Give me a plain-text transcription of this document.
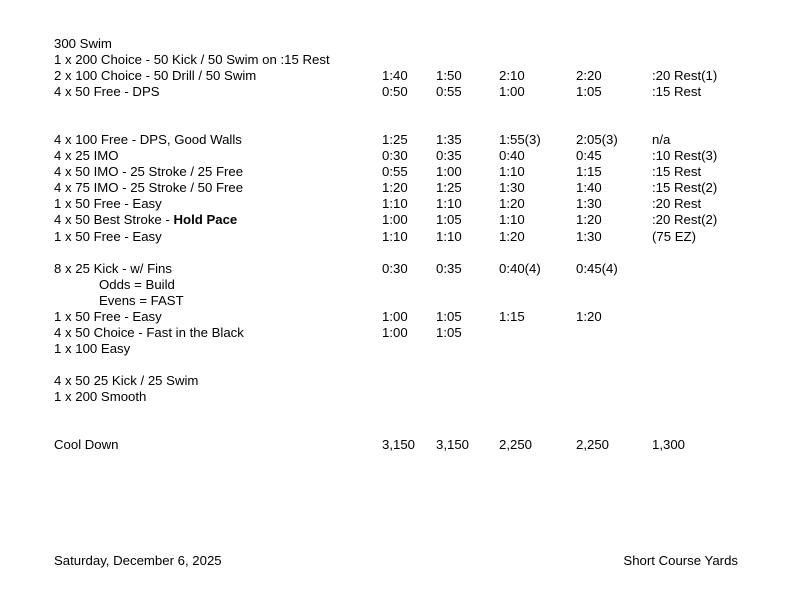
300 Swim
1 x 200 Choice - 50 Kick / 50 Swim on :15 Rest
2 x 100 Choice - 50 Drill / 50 Swim	1:40 1:50	2:10	2:20	:20 Rest(1)
4 x 50 Free - DPS	0:50 0:55	1:00	1:05	:15 Rest
4 x 100 Free - DPS, Good Walls	1:25 1:35	1:55(3)	2:05(3)	n/a
4 x 25 IMO	0:30 0:35	0:40	0:45	:10 Rest(3)
4 x 50 IMO - 25 Stroke / 25 Free	0:55 1:00	1:10	1:15	:15 Rest
4 x 75 IMO - 25 Stroke / 50 Free	1:20 1:25	1:30	1:40	:15 Rest(2)
1 x 50 Free - Easy	1:10 1:10	1:20	1:30	:20 Rest
4 x 50 Best Stroke - Hold Pace	1:00 1:05	1:10	1:20	:20 Rest(2)
1 x 50 Free - Easy	1:10 1:10	1:20	1:30	(75 EZ)
8 x 25 Kick - w/ Fins	0:30 0:35	0:40(4)	0:45(4)
Odds = Build
Evens = FAST
1 x 50 Free - Easy	1:00 1:05	1:15	1:20
4 x 50 Choice - Fast in the Black	1:00 1:05
1 x 100 Easy
4 x 50 25 Kick / 25 Swim
1 x 200 Smooth
Cool Down	3,150 3,150 2,250	2,250	1,300
Saturday, December 6, 2025	Short Course Yards
